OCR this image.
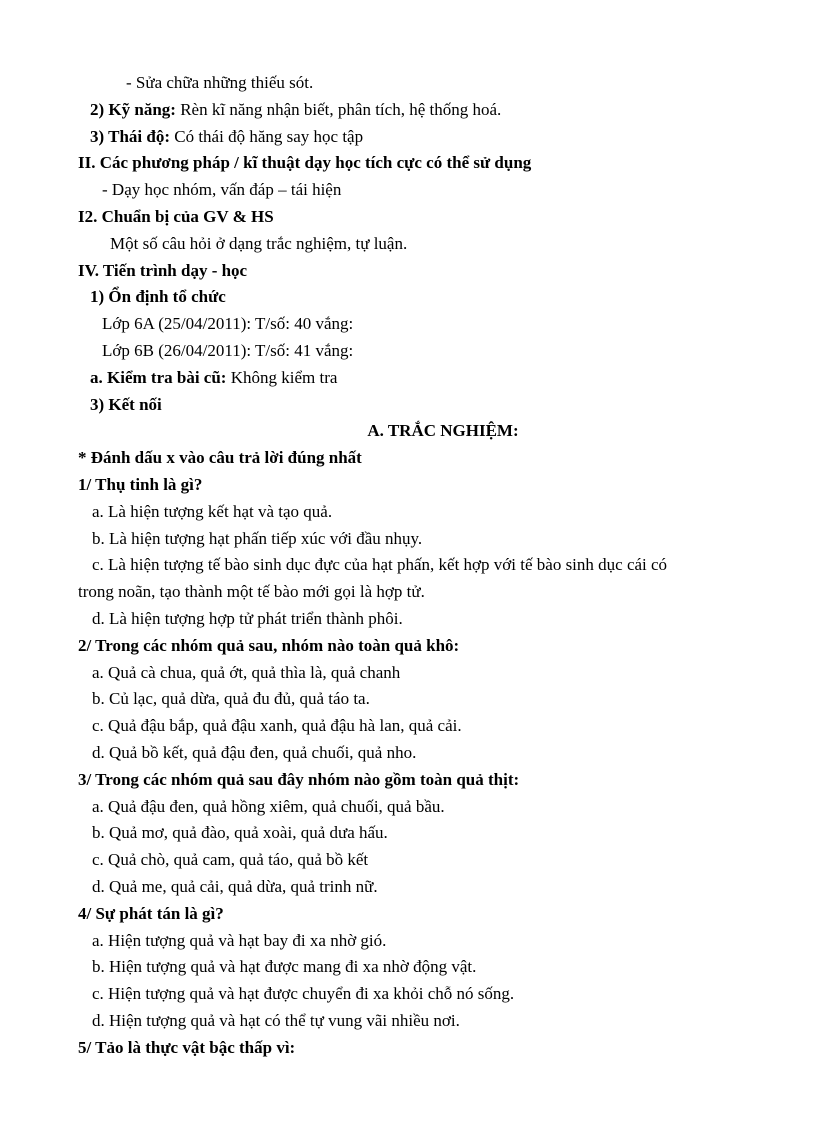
- Sửa chữa những thiếu sót.
2) Kỹ năng: Rèn kĩ năng nhận biết, phân tích, hệ thống hoá.
3) Thái độ: Có thái độ hăng say học tập
II. Các phương pháp / kĩ thuật dạy học tích cực có thể sử dụng
- Dạy học nhóm, vấn đáp – tái hiện
I2. Chuẩn bị của GV & HS
Một số câu hỏi ở dạng trắc nghiệm, tự luận.
IV. Tiến trình dạy - học
1) Ổn định tổ chức
Lớp 6A (25/04/2011): T/số: 40 vắng:
Lớp 6B (26/04/2011): T/số: 41 vắng:
a. Kiểm tra bài cũ: Không kiểm tra
3) Kết nối
A. TRẮC NGHIỆM:
* Đánh dấu x vào câu trả lời đúng nhất
1/ Thụ tinh là gì?
a. Là hiện tượng kết hạt và tạo quả.
b. Là hiện tượng hạt phấn tiếp xúc với đầu nhụy.
c. Là hiện tượng tế bào sinh dục đực của hạt phấn, kết hợp với tế bào sinh dục cái có
trong noãn, tạo thành một tế bào mới gọi là hợp tử.
d. Là hiện tượng hợp tử phát triển thành phôi.
2/ Trong các nhóm quả sau, nhóm nào toàn quả khô:
a. Quả cà chua, quả ớt, quả thìa là, quả chanh
b. Củ lạc, quả dừa, quả đu đủ, quả táo ta.
c. Quả đậu bắp, quả đậu xanh, quả đậu hà lan, quả cải.
d. Quả bồ kết, quả đậu đen, quả chuối, quả nho.
3/ Trong các nhóm quả sau đây nhóm nào gồm toàn quả thịt:
a. Quả đậu đen, quả hồng xiêm, quả chuối, quả bầu.
b. Quả mơ, quả đào, quả xoài, quả dưa hấu.
c. Quả chò, quả cam, quả táo, quả bồ kết
d. Quả me, quả cải, quả dừa, quả trinh nữ.
4/ Sự phát tán là gì?
a. Hiện tượng quả và hạt bay đi xa nhờ gió.
b. Hiện tượng quả và hạt được mang đi xa nhờ động vật.
c. Hiện tượng quả và hạt được chuyển đi xa khỏi chỗ nó sống.
d. Hiện tượng quả và hạt có thể tự vung vãi nhiều nơi.
5/ Tảo là thực vật bậc thấp vì:
